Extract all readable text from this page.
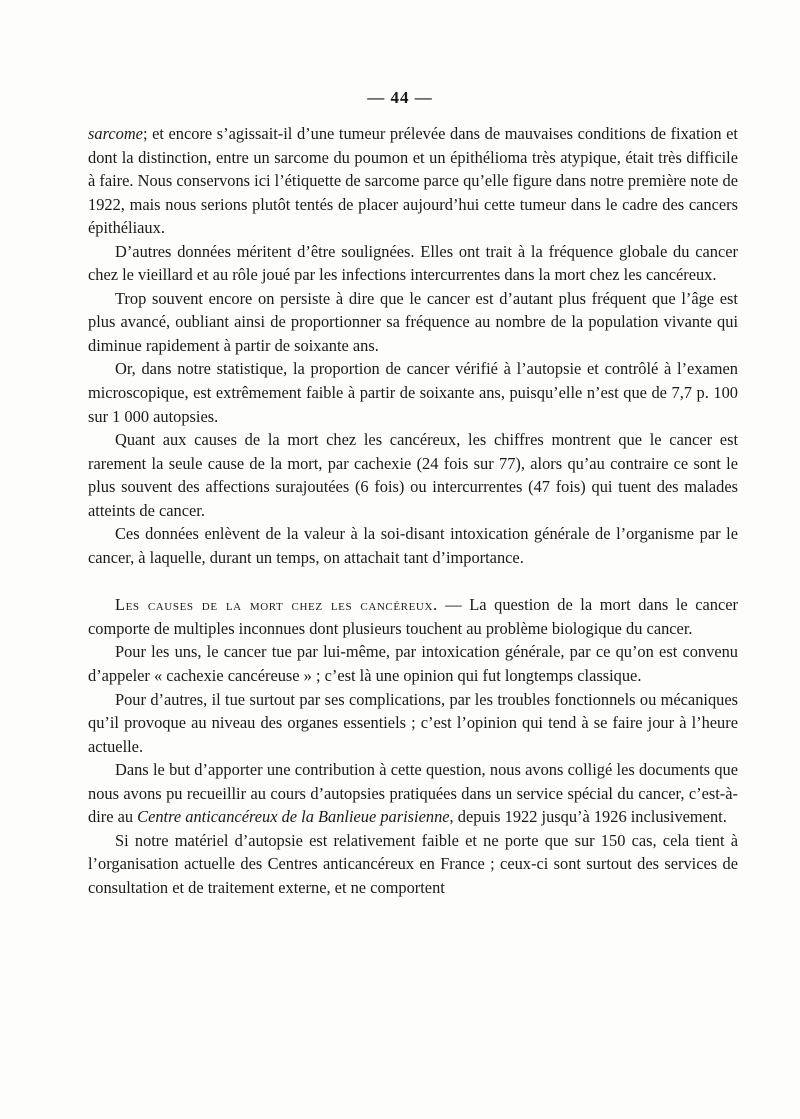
— 44 —

sarcome; et encore s’agissait-il d’une tumeur prélevée dans de mauvaises conditions de fixation et dont la distinction, entre un sarcome du poumon et un épithélioma très atypique, était très difficile à faire. Nous conservons ici l’étiquette de sarcome parce qu’elle figure dans notre première note de 1922, mais nous serions plutôt tentés de placer aujourd’hui cette tumeur dans le cadre des cancers épithéliaux.

D’autres données méritent d’être soulignées. Elles ont trait à la fréquence globale du cancer chez le vieillard et au rôle joué par les infections intercurrentes dans la mort chez les cancéreux.

Trop souvent encore on persiste à dire que le cancer est d’autant plus fréquent que l’âge est plus avancé, oubliant ainsi de proportionner sa fréquence au nombre de la population vivante qui diminue rapidement à partir de soixante ans.

Or, dans notre statistique, la proportion de cancer vérifié à l’autopsie et contrôlé à l’examen microscopique, est extrêmement faible à partir de soixante ans, puisqu’elle n’est que de 7,7 p. 100 sur 1 000 autopsies.

Quant aux causes de la mort chez les cancéreux, les chiffres montrent que le cancer est rarement la seule cause de la mort, par cachexie (24 fois sur 77), alors qu’au contraire ce sont le plus souvent des affections surajoutées (6 fois) ou intercurrentes (47 fois) qui tuent des malades atteints de cancer.

Ces données enlèvent de la valeur à la soi-disant intoxication générale de l’organisme par le cancer, à laquelle, durant un temps, on attachait tant d’importance.

Les causes de la mort chez les cancéreux. — La question de la mort dans le cancer comporte de multiples inconnues dont plusieurs touchent au problème biologique du cancer.

Pour les uns, le cancer tue par lui-même, par intoxication générale, par ce qu’on est convenu d’appeler « cachexie cancéreuse » ; c’est là une opinion qui fut longtemps classique.

Pour d’autres, il tue surtout par ses complications, par les troubles fonctionnels ou mécaniques qu’il provoque au niveau des organes essentiels ; c’est l’opinion qui tend à se faire jour à l’heure actuelle.

Dans le but d’apporter une contribution à cette question, nous avons colligé les documents que nous avons pu recueillir au cours d’autopsies pratiquées dans un service spécial du cancer, c’est-à-dire au Centre anticancéreux de la Banlieue parisienne, depuis 1922 jusqu’à 1926 inclusivement.

Si notre matériel d’autopsie est relativement faible et ne porte que sur 150 cas, cela tient à l’organisation actuelle des Centres anticancéreux en France ; ceux-ci sont surtout des services de consultation et de traitement externe, et ne comportent
